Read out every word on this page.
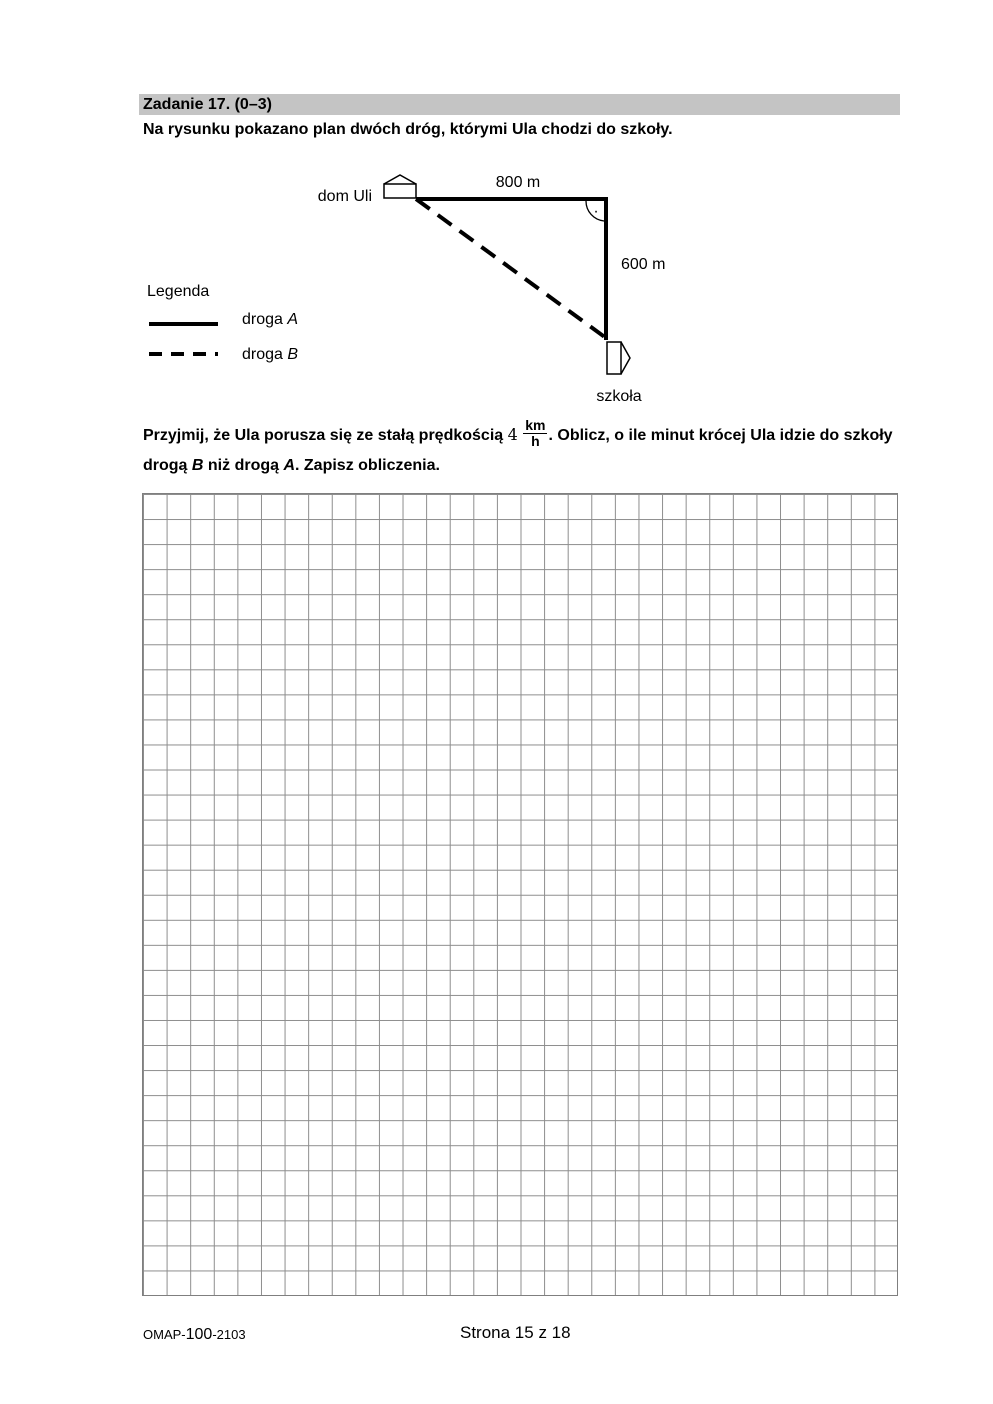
Zadanie 17. (0–3)
Na rysunku pokazano plan dwóch dróg, którymi Ula chodzi do szkoły.
dom Uli
·
800 m
600 m
szkoła
Legenda
droga A
droga B
Przyjmij, że Ula porusza się ze stałą prędkością $4 \frac{km}{h}$ . Oblicz, o ile minut krócej Ula idzie do szkoły drogą B niż drogą A. Zapisz obliczenia.
OMAP-100-2103	Strona 15 z 18
